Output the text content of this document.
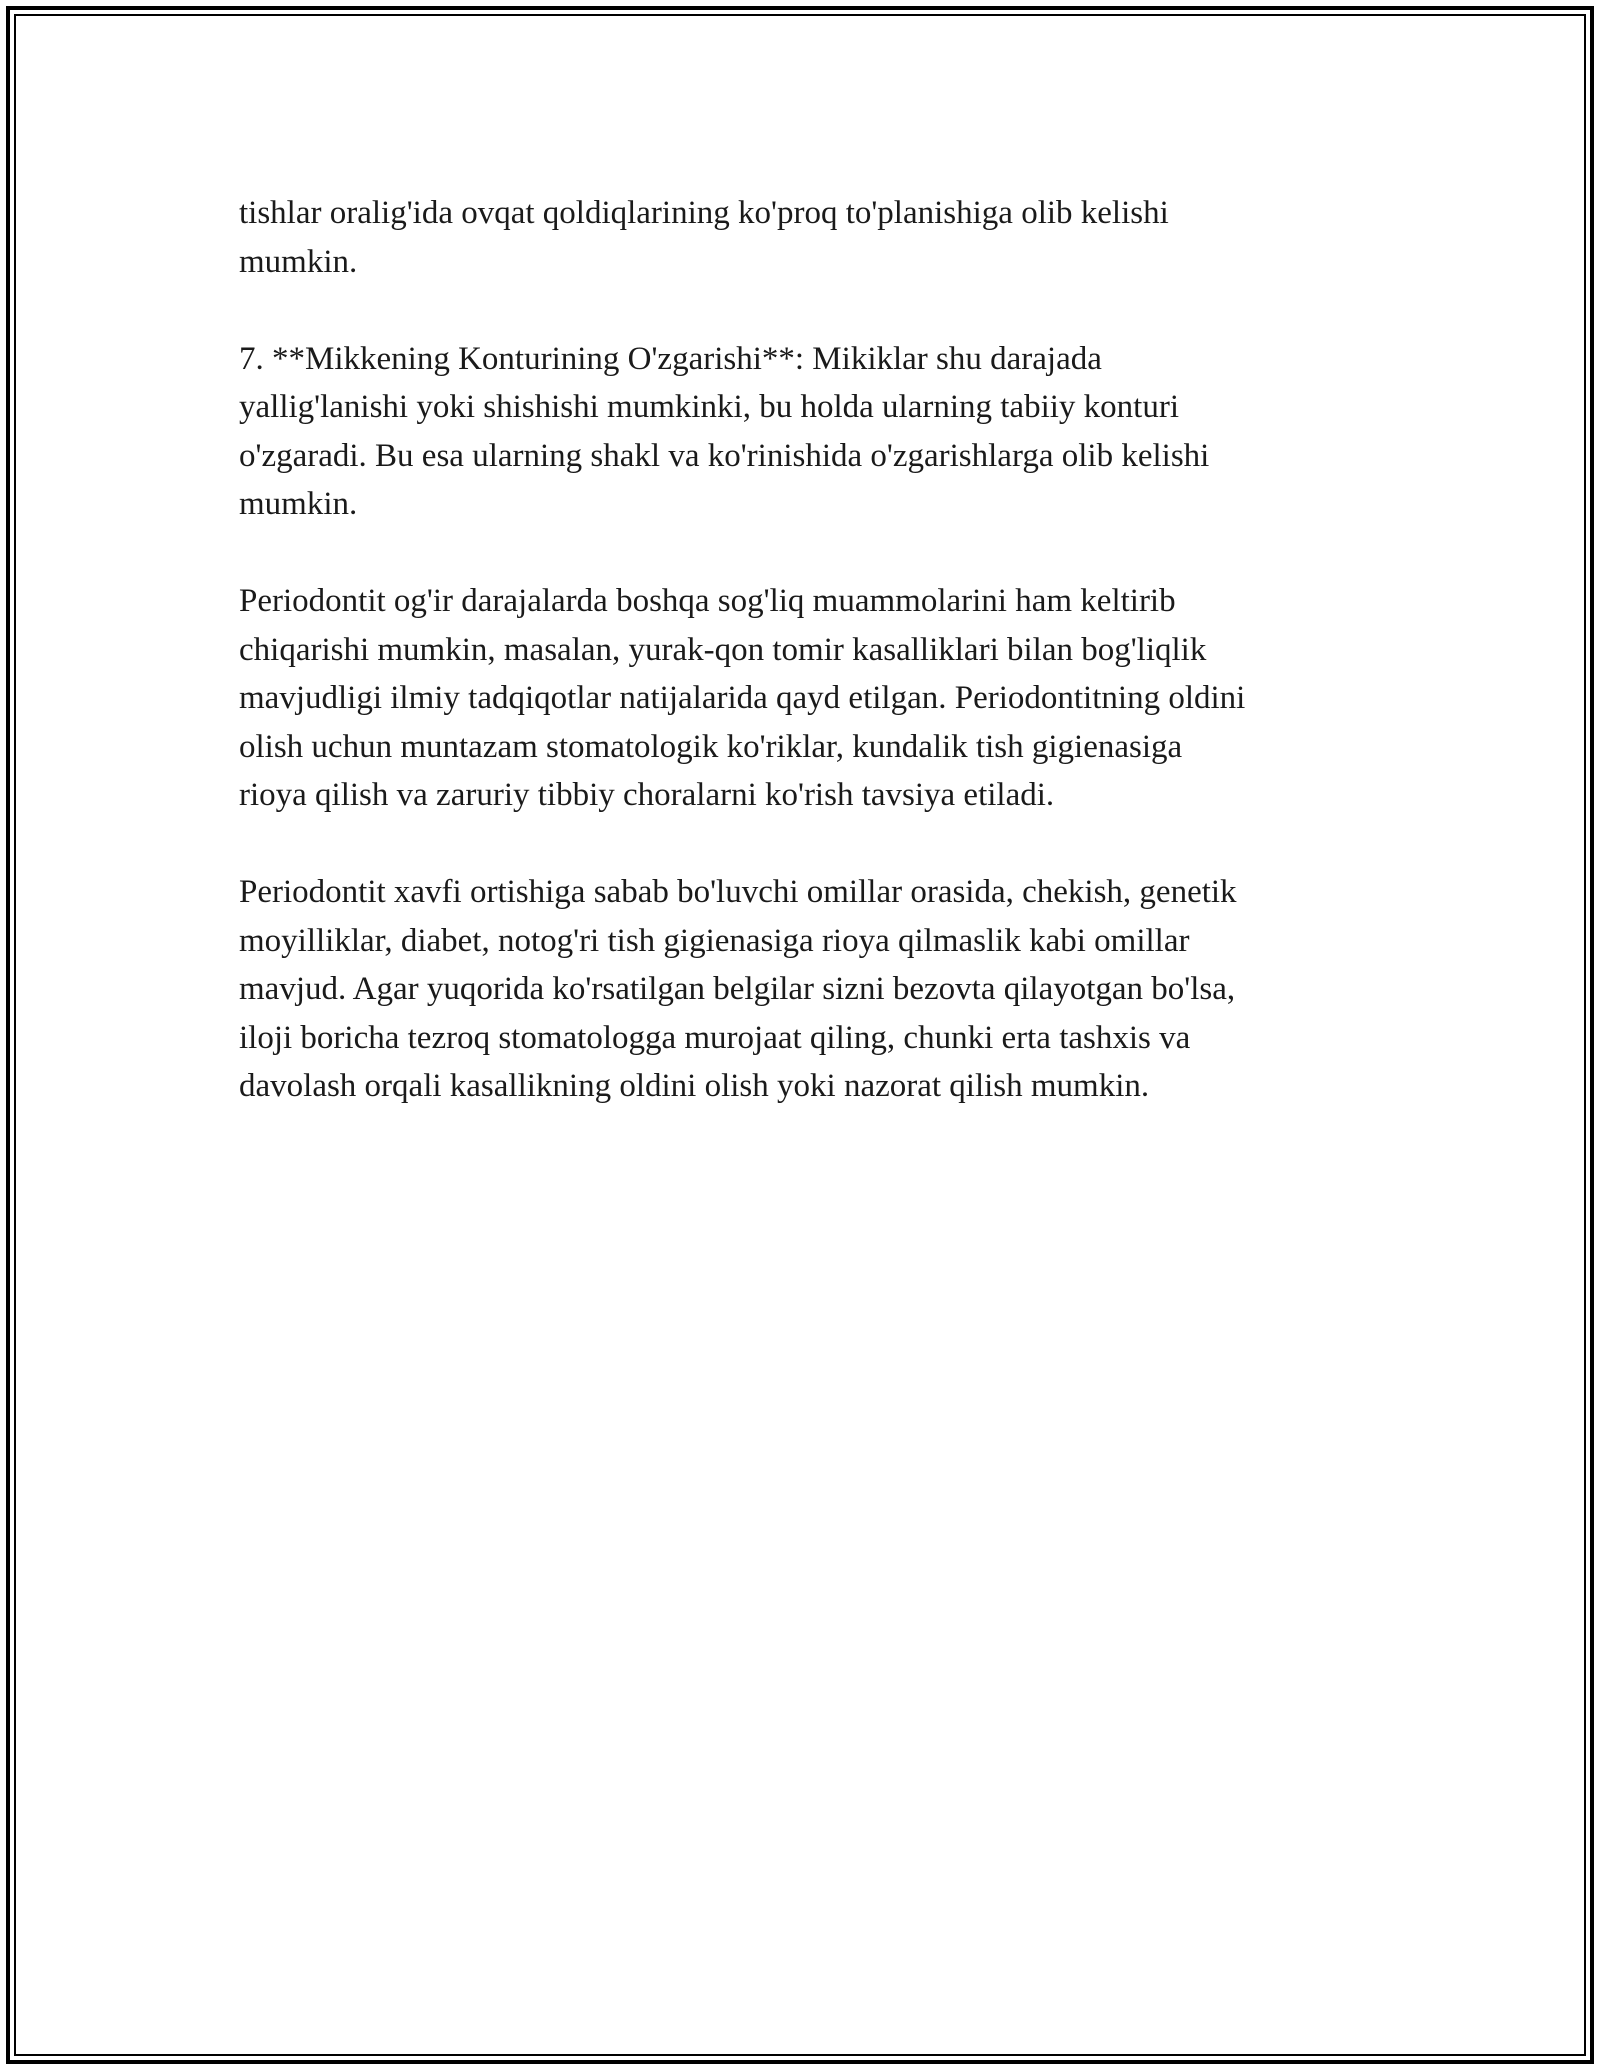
tishlar oralig'ida ovqat qoldiqlarining ko'proq to'planishiga olib kelishi
mumkin.

7. **Mikkening Konturining O'zgarishi**: Mikiklar shu darajada
yallig'lanishi yoki shishishi mumkinki, bu holda ularning tabiiy konturi
o'zgaradi. Bu esa ularning shakl va ko'rinishida o'zgarishlarga olib kelishi
mumkin.

Periodontit og'ir darajalarda boshqa sog'liq muammolarini ham keltirib
chiqarishi mumkin, masalan, yurak-qon tomir kasalliklari bilan bog'liqlik
mavjudligi ilmiy tadqiqotlar natijalarida qayd etilgan. Periodontitning oldini
olish uchun muntazam stomatologik ko'riklar, kundalik tish gigienasiga
rioya qilish va zaruriy tibbiy choralarni ko'rish tavsiya etiladi.

Periodontit xavfi ortishiga sabab bo'luvchi omillar orasida, chekish, genetik
moyilliklar, diabet, notog'ri tish gigienasiga rioya qilmaslik kabi omillar
mavjud. Agar yuqorida ko'rsatilgan belgilar sizni bezovta qilayotgan bo'lsa,
iloji boricha tezroq stomatologga murojaat qiling, chunki erta tashxis va
davolash orqali kasallikning oldini olish yoki nazorat qilish mumkin.
